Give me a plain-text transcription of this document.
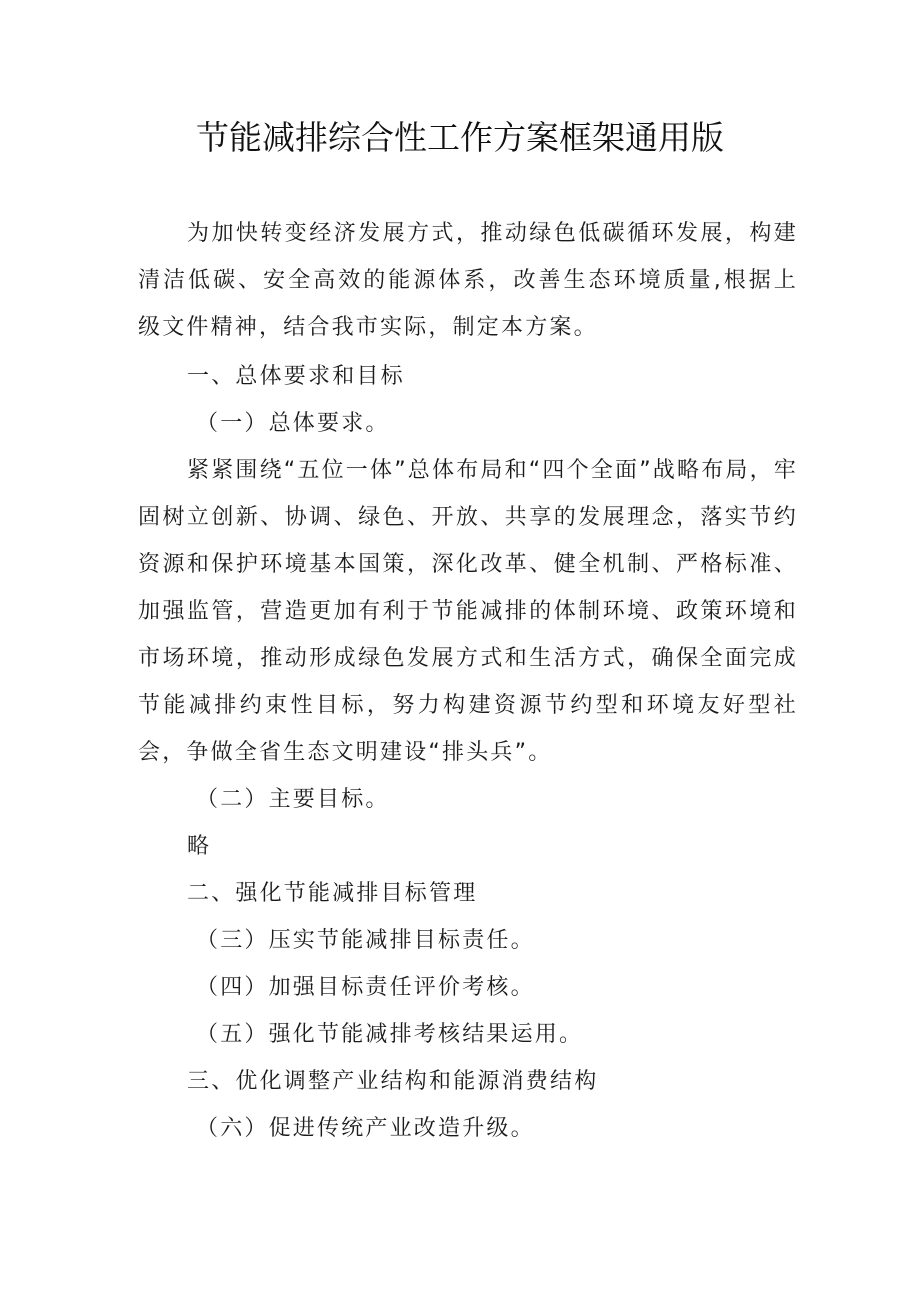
节能减排综合性工作方案框架通用版

为加快转变经济发展方式，推动绿色低碳循环发展，构建清洁低碳、安全高效的能源体系，改善生态环境质量,根据上级文件精神，结合我市实际，制定本方案。

一、总体要求和目标

（一）总体要求。

紧紧围绕“五位一体”总体布局和“四个全面”战略布局，牢固树立创新、协调、绿色、开放、共享的发展理念，落实节约资源和保护环境基本国策，深化改革、健全机制、严格标准、加强监管，营造更加有利于节能减排的体制环境、政策环境和市场环境，推动形成绿色发展方式和生活方式，确保全面完成节能减排约束性目标，努力构建资源节约型和环境友好型社会，争做全省生态文明建设“排头兵”。

（二）主要目标。

略

二、强化节能减排目标管理

（三）压实节能减排目标责任。

（四）加强目标责任评价考核。

（五）强化节能减排考核结果运用。

三、优化调整产业结构和能源消费结构

（六）促进传统产业改造升级。
